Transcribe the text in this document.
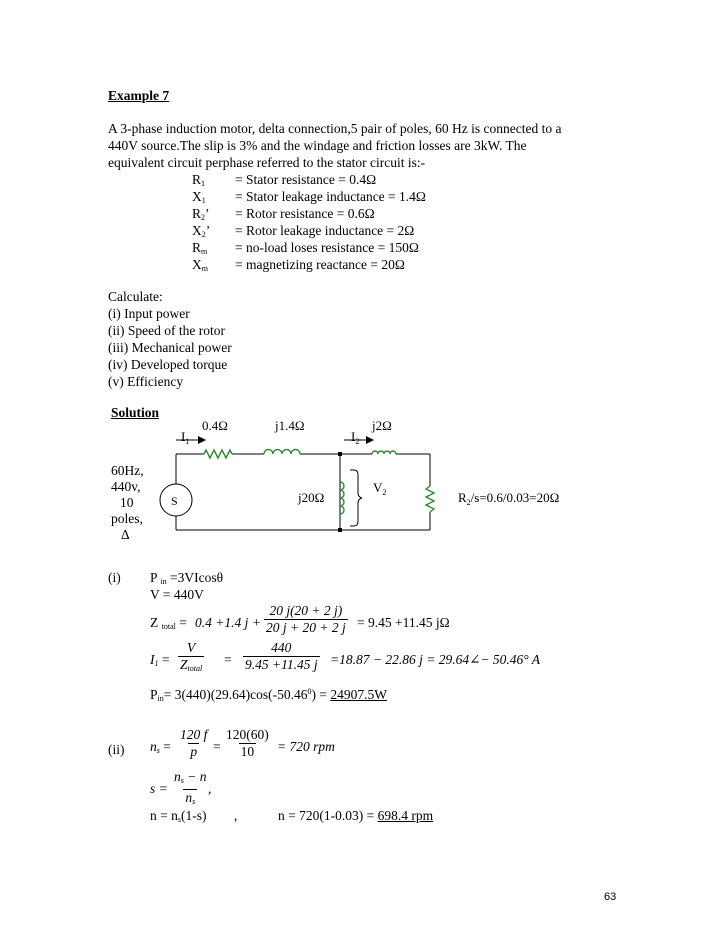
Example 7
A 3-phase induction motor, delta connection,5 pair of poles, 60 Hz is connected to a
440V source.The slip is 3% and the windage and friction losses are 3kW. The
equivalent circuit perphase referred to the stator circuit is:-
$R_1$ = Stator resistance = 0.4Ω
$X_1$ = Stator leakage inductance = 1.4Ω
$R_2$’ = Rotor resistance = 0.6Ω
$X_2$’ = Rotor leakage inductance = 2Ω
$R_m$ = no-load loses resistance = 150Ω
$X_m$ = magnetizing reactance = 20Ω
Calculate:
(i) Input power
(ii) Speed of the rotor
(iii) Mechanical power
(iv) Developed torque
(v) Efficiency
Solution
0.4Ω	j1.4Ω	j2Ω
$I_1$	$I_2$
S	j20Ω
$V_2$	$R_2/s=0.6/0.03=20\Omega$
60Hz,
440v,
10
poles,
Δ
(i) P $_{in}$ =3VIcosθ
V = 440V
Z $_{total}$ = 0.4 +1.4 $j + \frac{20 j(20 + 2 j)}{20 j + 20 + 2 j} = 9.45 +11.45$ jΩ
$I_1$ =
V
$Z_{total}$
= $\frac{440}{9.45 +11.45 j} =18.87 - 22.86$ j = 29.64∠− 50.46° A
$P_{in}= 3(440)(29.64)\cos(-50.46^0) = 24907.5W$
(ii) $n_s = \frac{120 f}{p} = \frac{120(60)}{10} = 720$ rpm
$s = \frac{n_s - n}{n_s}$ ,
$n = n_s(1-s)$ ,	n = 720(1-0.03) = 698.4 rpm
63
